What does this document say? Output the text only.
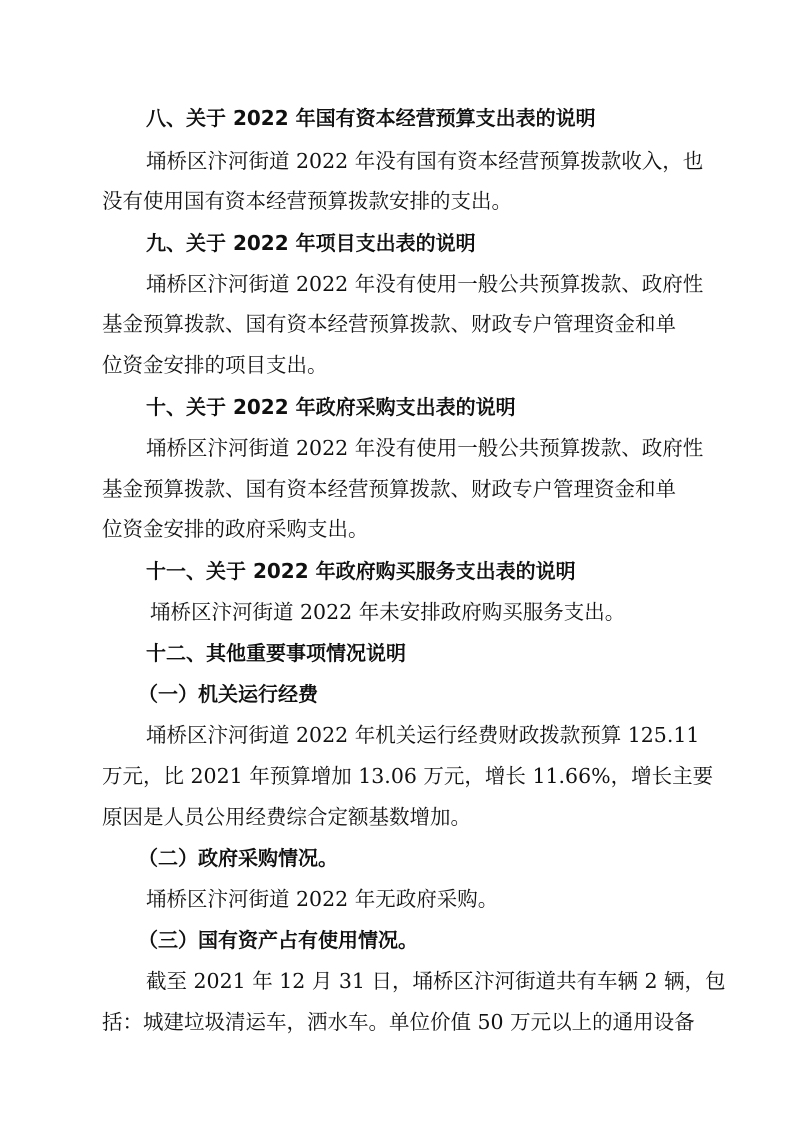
八、关于 2022 年国有资本经营预算支出表的说明
埇桥区汴河街道 2022 年没有国有资本经营预算拨款收入，也
没有使用国有资本经营预算拨款安排的支出。
九、关于 2022 年项目支出表的说明
埇桥区汴河街道 2022 年没有使用一般公共预算拨款、政府性
基金预算拨款、国有资本经营预算拨款、财政专户管理资金和单
位资金安排的项目支出。
十、关于 2022 年政府采购支出表的说明
埇桥区汴河街道 2022 年没有使用一般公共预算拨款、政府性
基金预算拨款、国有资本经营预算拨款、财政专户管理资金和单
位资金安排的政府采购支出。
十一、关于 2022 年政府购买服务支出表的说明
埇桥区汴河街道 2022 年未安排政府购买服务支出。
十二、其他重要事项情况说明
（一）机关运行经费
埇桥区汴河街道 2022 年机关运行经费财政拨款预算 125.11
万元，比 2021 年预算增加 13.06 万元，增长 11.66%，增长主要
原因是人员公用经费综合定额基数增加。
（二）政府采购情况。
埇桥区汴河街道 2022 年无政府采购。
（三）国有资产占有使用情况。
截至 2021 年 12 月 31 日，埇桥区汴河街道共有车辆 2 辆，包
括：城建垃圾清运车，洒水车。单位价值 50 万元以上的通用设备
